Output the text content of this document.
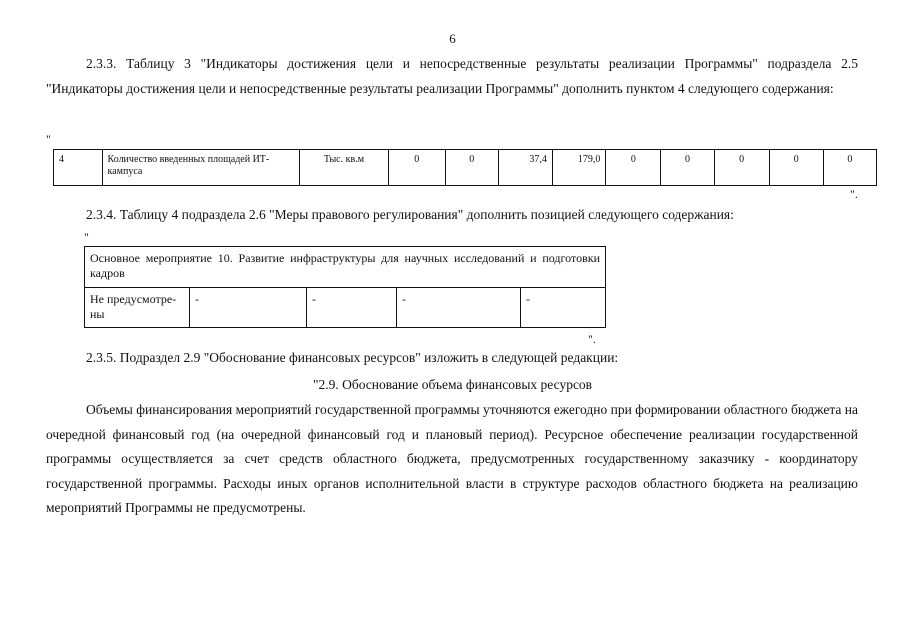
6
2.3.3. Таблицу 3 "Индикаторы достижения цели и непосредственные результаты реализации Программы" подраздела 2.5 "Индикаторы достижения цели и непосредственные результаты реализации Программы" дополнить пунктом 4 следующего содержания:
"
4	Количество введенных площадей ИТ-кампуса	Тыс. кв.м	0	0	37,4	179,0	0	0	0	0	0
".
2.3.4. Таблицу 4 подраздела 2.6 "Меры правового регулирования" дополнить позицией следующего содержания:
"
Основное мероприятие 10. Развитие инфраструктуры для научных исследований и подготовки кадров
Не предусмотре-ны	-	-	-	-
".
2.3.5. Подраздел 2.9 "Обоснование финансовых ресурсов" изложить в следующей редакции:
"2.9. Обоснование объема финансовых ресурсов
Объемы финансирования мероприятий государственной программы уточняются ежегодно при формировании областного бюджета на очередной финансовый год (на очередной финансовый год и плановый период). Ресурсное обеспечение реализации государственной программы осуществляется за счет средств областного бюджета, предусмотренных государственному заказчику - координатору государственной программы. Расходы иных органов исполнительной власти в структуре расходов областного бюджета на реализацию мероприятий Программы не предусмотрены.
